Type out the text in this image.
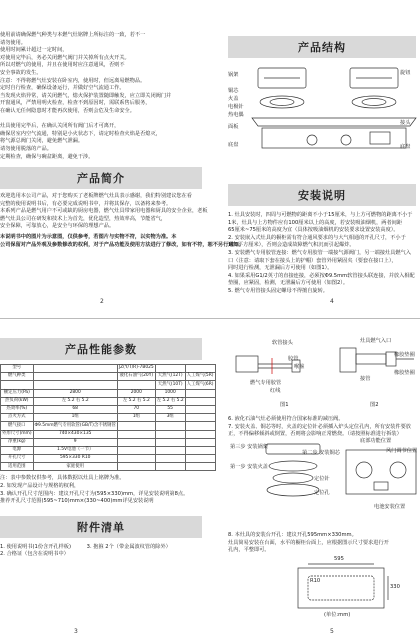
使用前请确保燃气种类与本燃气灶铭牌上所标注的一致，若不一
请勿使用。
使用时间累计超过一定时间，
对使用完毕后，务必关闭燃气阀门并关掉所有点火开关。
所以对燃气的使用，并且在使用时应注意通风，否则不
安全事故的发生。
注意：不得将燃气灶安装在卧室内，使用时，但远离易燃物品。
定时自行检查，确保设备运行，并做好空气流通工作。
当发现火焰异常，请关闭燃气，熄火保护装置随即触发，应立即关闭阀门并
开窗通风，严禁用明火检查，检查不到原因时，需联系售后服务，
在确认无任何隐患时才能再次使用，否则会危及生命安全。

灶具使用完毕后，在确认关闭所有阀门后才可离开，
确保居室内空气流通，特别是小火状态下，请定时检查火焰是否熄灭，
将气源总阀门关闭，避免燃气泄漏。
请勿使用脱落的产品。
定期检查，确保与碗盆距离，避免干涉。
产品简介
欢迎选用本公司产品，对于您购买了老板牌燃气灶具表示感谢，我们特别建议您在看
完整的使用说明书后，有必要完成说明书中，并将其保存，以备将来参考。
本系列产品是燃气用户不可或缺的厨房电器，燃气灶具带家用电器和厨具的安全企业，老板
燃气灶具公司在研发和技术上为首先，优化造型，热效率高，节能省气，
安全保障，可靠放心，是安全与环保的理想产品。
本说明书中的图片为示意图，仅供参考，若图片与实物不符，以实物为准。本
公司保留对产品外观及参数修改的权利，对于产品功能及使用方法进行了修改，如有不符，恕不另行通知。
2
产品性能参数
型号		JZ(Y/T/R)-7B025		
燃气种类		液化石油气(20Y)	天然气(12T)	人工煤气(5R)
			天然气(10T)	人工煤气(6R)
额定压力(Pa)	2800	2000	1000	
热负荷(kW)	左 5.2 右 5.2	左 5.2 右 5.2	左 5.2 右 5.2	
热效率(%)	68	70	55	
点火方式	1组	1组	3组	
燃气接口	Φ9.5mm燃气专用软管(GB/T)含不锈钢管			
外形尺寸(mm)	740×430×135			
净重(kg)	9			
电源	1.5V电池（一节）			
开孔尺寸	595×330 R10			
适用范围	家庭使用			
注：表中参数仅供参考，具体数据以灶具上铭牌为准。
2. 如发现产品设计与规格的权利，
3. 确认开孔尺寸范围内：建议开孔尺寸为(595×330)mm，详见安装说明第8点。
推荐开孔尺寸范围(595~710)mm×(330~400)mm详见安装说明
附件清单
1. 使用说明书(1份含开孔样板)	3. 抱箍 2个（带金属波纹管的除外）
2. 合格证（包含在说明书中）
3
产品结构
锅架
铜芯
火盖
电极针
热电偶
面板
底盘
旋钮
接头
底盘
安装说明
1. 灶具安装时，四周与可燃物的距离不小于15厘米，与上方可燃物的距离不小于
1米，灶具与上方物件应有100厘米以上的高度，若安装吸油烟机，两者间距
65厘米~75厘米的高度为宜（具体按吸油烟机的安装要求设置安装高度）。
2. 安装嵌入式灶具的橱柜需有符合通风要求的与大气相通的开孔尺寸，不小于
100平方厘米），否则会造成故障燃气积沉而引起爆炸。
3. 安装燃气专用胶管连接：燃气专用胶管一端接气源阀门，另一端接灶具燃气入
口（注意：请取下套在接头上的护帽）套管外用紧固夹（要套在接口上），
同时进行检测，无泄漏后方可使用（如图1）。
4. 如果采用G1/2英寸的直接连接，必须按Φ9.5mm软管接头联连接，并放入相配
垫圈，应紧固，检测，无泄漏后方可使用（如图2）。
5. 燃气专用管接头固定螺母不得擅自旋转。
4
软管接头
胶管
燃气专用胶管
红线
喉箍
图1
灶具燃气入口
橡胶垫圈
接管
橡胶垫圈
图2
6. 液化石油气灶必须使用符合国家标准的减压阀。
7. 安装火盖、铜芯等时，火盖的定位针必须插入炉头定位孔内，所有安装件要放
正，不得偏移倾斜或倒置，否则将会影响正常燃烧。（请按照标准进行拆装）
第三步 安装锅架
第二步 安装铜芯
第一步 安装火盖
定位针
定位孔
底部功能位置
风门调节位置
电池安装位置
8. 本灶具的安装台开孔：建议开孔595mm×330mm。
灶具简易安装在台面，水平的橱柜台面上，应根据图示尺寸要求进行开
孔内，平整即可。
595
330
R10
(单位:mm)
5
